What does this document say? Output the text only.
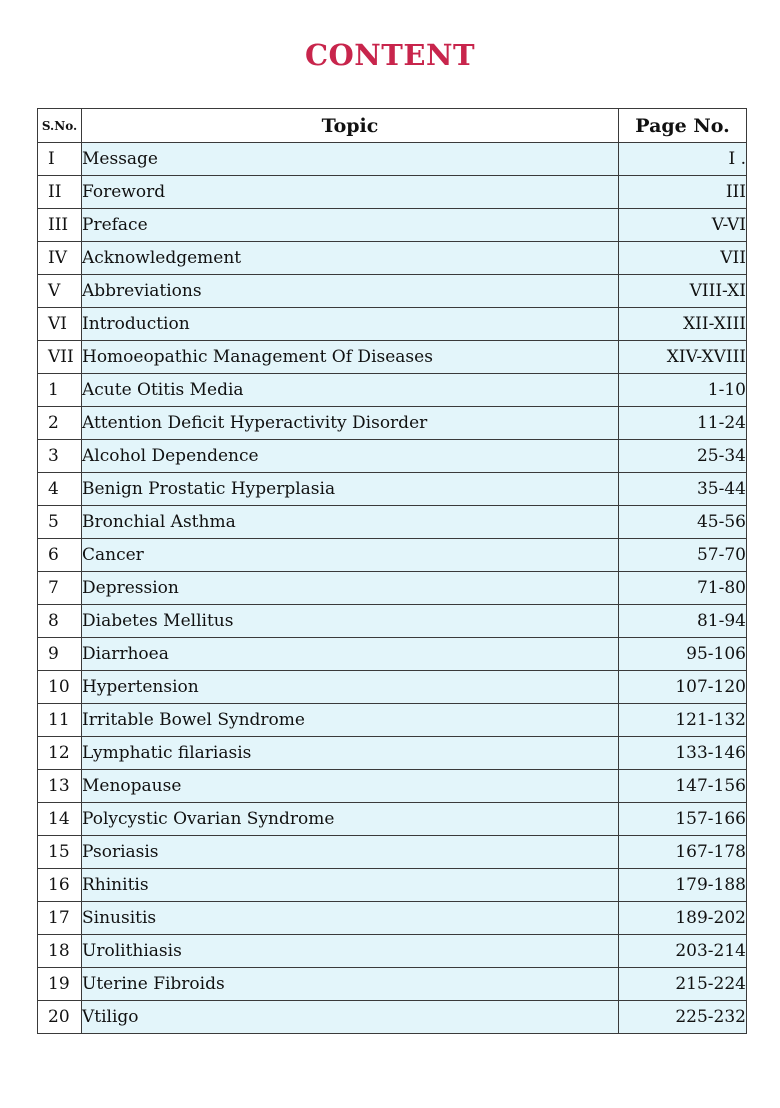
CONTENT
S.No.	Topic	Page No.
I	Message	I .
II	Foreword	III
III	Preface	V-VI
IV	Acknowledgement	VII
V	Abbreviations	VIII-XI
VI	Introduction	XII-XIII
VII	Homoeopathic Management Of Diseases	XIV-XVIII
1	Acute Otitis Media	1-10
2	Attention Deficit Hyperactivity Disorder	11-24
3	Alcohol Dependence	25-34
4	Benign Prostatic Hyperplasia	35-44
5	Bronchial Asthma	45-56
6	Cancer	57-70
7	Depression	71-80
8	Diabetes Mellitus	81-94
9	Diarrhoea	95-106
10	Hypertension	107-120
11	Irritable Bowel Syndrome	121-132
12	Lymphatic filariasis	133-146
13	Menopause	147-156
14	Polycystic Ovarian Syndrome	157-166
15	Psoriasis	167-178
16	Rhinitis	179-188
17	Sinusitis	189-202
18	Urolithiasis	203-214
19	Uterine Fibroids	215-224
20	Vtiligo	225-232
